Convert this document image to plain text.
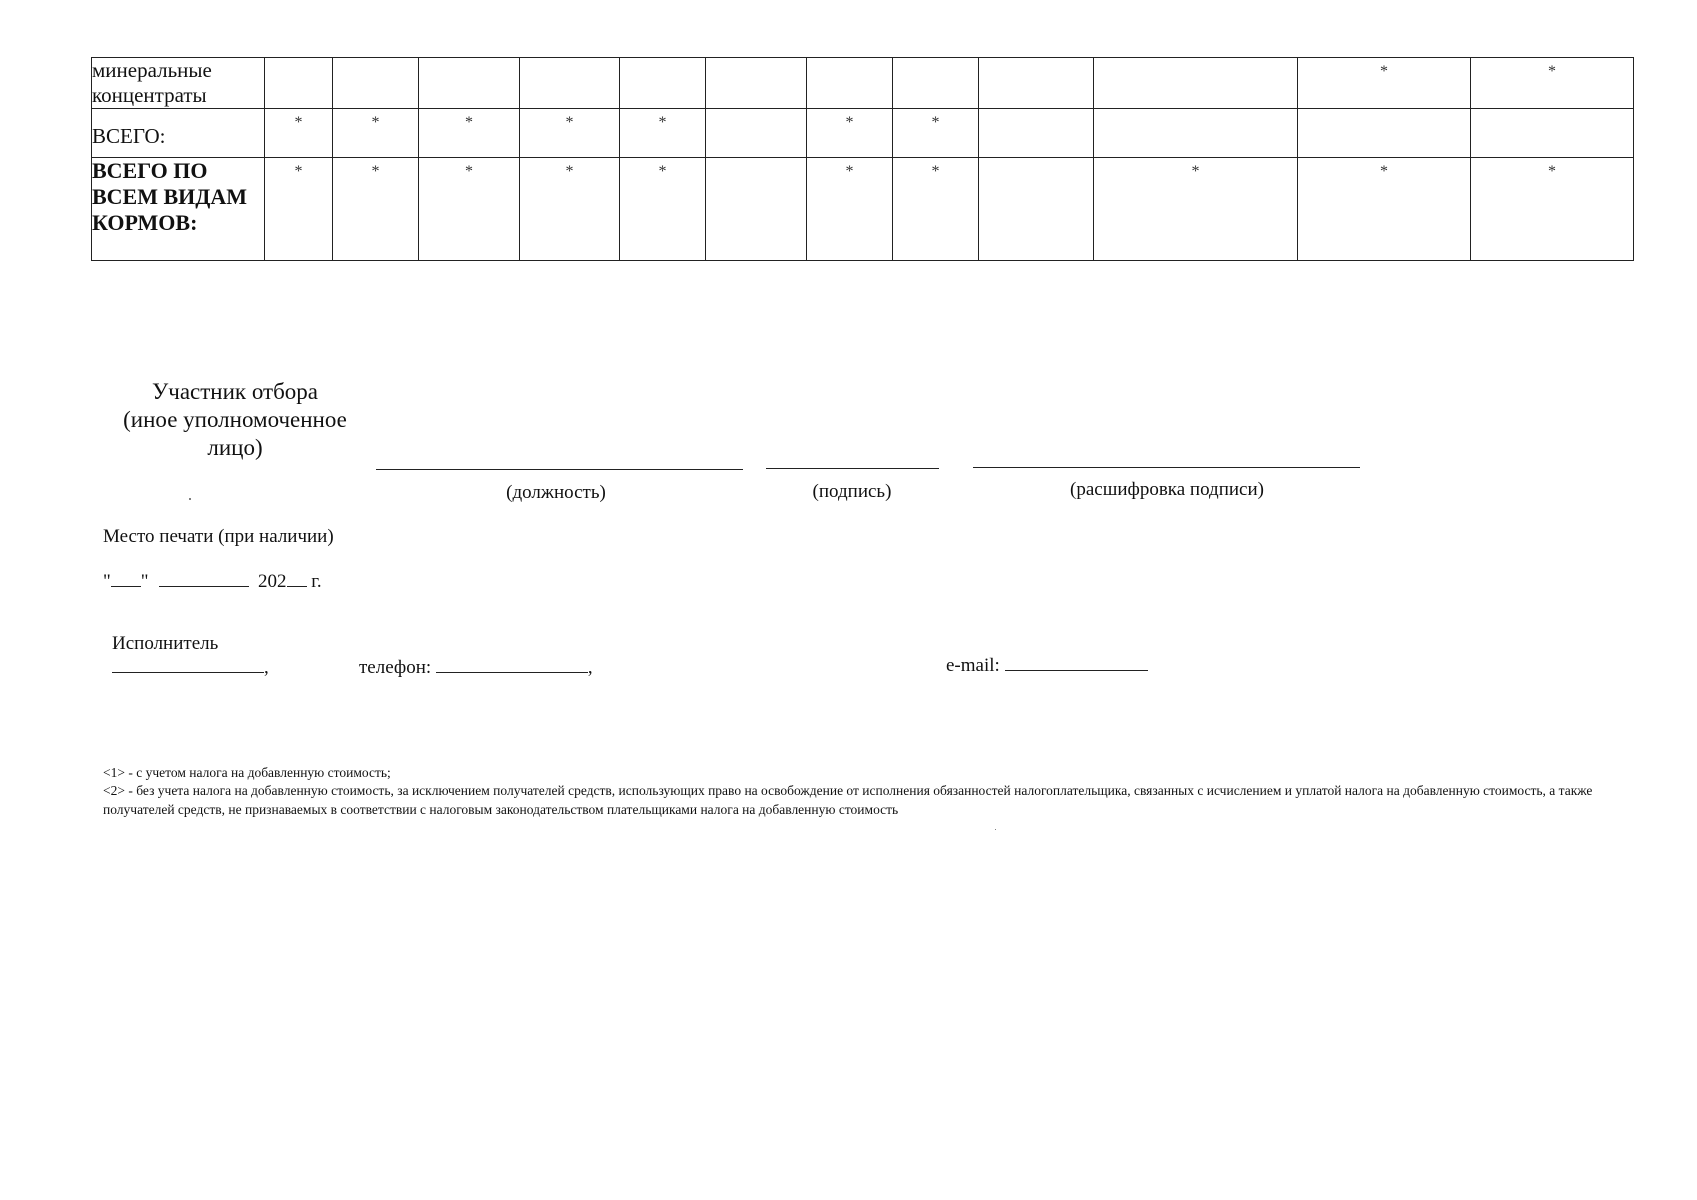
минеральные концентраты											*	*

ВСЕГО:	*	*	*	*	*		*	*				

ВСЕГО ПО ВСЕМ ВИДАМ КОРМОВ:	*	*	*	*	*		*	*		*	*	*
Участник отбора
(иное уполномоченное
лицо)
(должность)	(подпись)	(расшифровка подписи)
Место печати (при наличии)
" "	202 г.
Исполнитель
,	телефон:	,	e-mail:
<1> - с учетом налога на добавленную стоимость;
<2> - без учета налога на добавленную стоимость, за исключением получателей средств, использующих право на освобождение от исполнения обязанностей налогоплательщика, связанных с исчислением и уплатой налога на добавленную стоимость, а также получателей средств, не признаваемых в соответствии с налоговым законодательством плательщиками налога на добавленную стоимость
